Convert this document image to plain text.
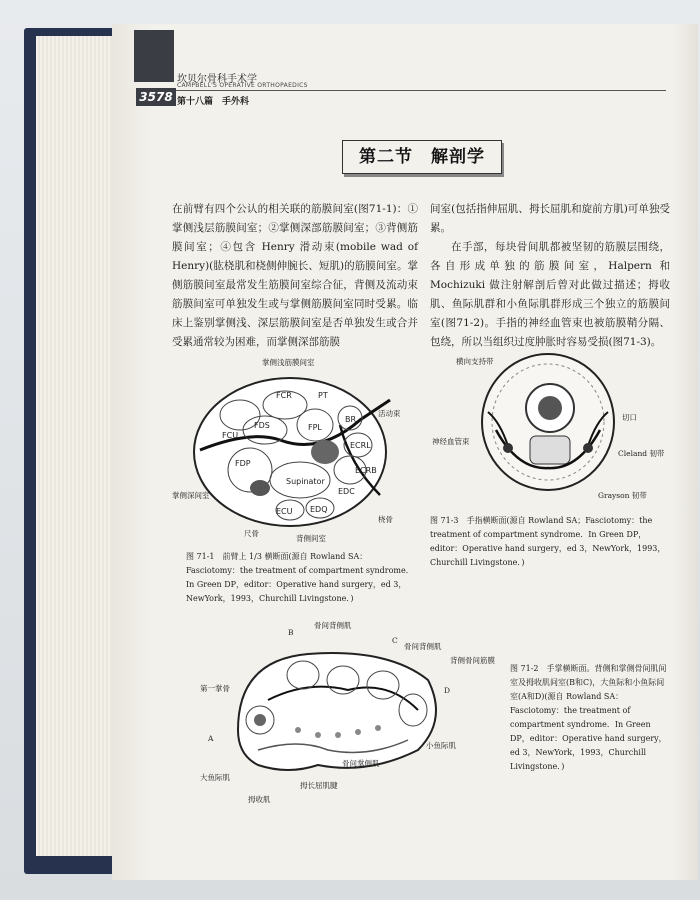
3578
坎贝尔骨科手术学
CAMPBELL'S OPERATIVE ORTHOPAEDICS
第十八篇　手外科
第二节　解剖学
在前臂有四个公认的相关联的筋膜间室(图71-1)：①掌侧浅层筋膜间室；②掌侧深部筋膜间室；③背侧筋膜间室；④包含 Henry 滑动束(mobile wad of Henry)(肱桡肌和桡侧伸腕长、短肌)的筋膜间室。掌侧筋膜间室最常发生筋膜间室综合征，背侧及流动束筋膜间室可单独发生或与掌侧筋膜间室同时受累。临床上鉴别掌侧浅、深层筋膜间室是否单独发生或合并受累通常较为困难，而掌侧深部筋膜
间室(包括指伸屈肌、拇长屈肌和旋前方肌)可单独受累。
在手部，每块骨间肌都被坚韧的筋膜层围绕，各自形成单独的筋膜间室，Halpern 和 Mochizuki 做注射解剖后曾对此做过描述；拇收肌、鱼际肌群和小鱼际肌群形成三个独立的筋膜间室(图71-2)。手指的神经血管束也被筋膜鞘分隔、包绕，所以当组织过度肿胀时容易受损(图71-3)。
FCR	PT
FDS
FCU
FPL
BR
ECRL
ECRB
FDP
Supinator
EDC
ECU EDQ
掌侧浅筋膜间室
活动束
掌侧深间室
尺骨
背侧间室
桡骨
图 71-1　前臂上 1/3 横断面(源自 Rowland SA：Fasciotomy：the treatment of compartment syndrome．In Green DP，editor：Operative hand surgery，ed 3，NewYork，1993，Churchill Livingstone．)
横向支持带
切口
神经血管束
Cleland 韧带
Grayson 韧带
图 71-3　手指横断面(源自 Rowland SA；Fasciotomy：the treatment of compartment syndrome．In Green DP，editor：Operative hand surgery，ed 3，NewYork，1993，Churchill Livingstone．)
B
骨间背侧肌
C
骨间背侧肌
背侧骨间筋膜
第一掌骨	D
A
小鱼际肌
骨间掌侧肌
大鱼际肌
拇长屈肌腱
拇收肌
图 71-2　手掌横断面。背侧和掌侧骨间肌间室及拇收肌间室(B和C)，大鱼际和小鱼际间室(A和D)(源自 Rowland SA：Fasciotomy：the treatment of compartment syndrome．In Green DP，editor：Operative hand surgery，ed 3，NewYork，1993，Churchill Livingstone．)
